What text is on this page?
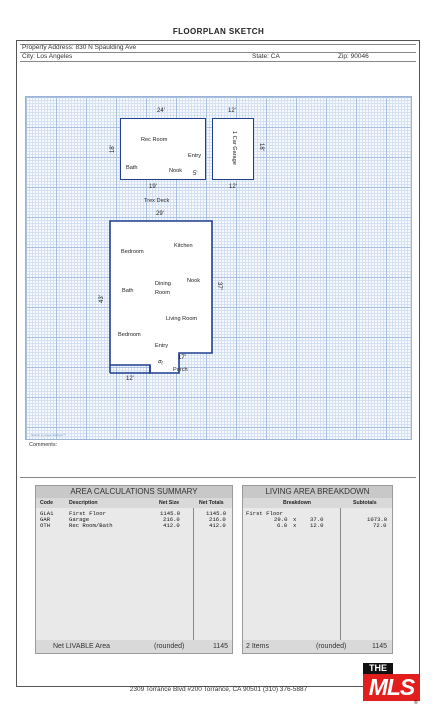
FLOORPLAN SKETCH
Property Address: 830 N Spaulding Ave
City: Los Angeles	State: CA	Zip: 90046
24'	12'
18'	18'
19'
5'
12'
Rec Room
Bath	Nook
Entry	1 Car Garage
Trex Deck
29'
43'
37'
17'
6'
12'
Bedroom
Kitchen
Bath
Dining
Room
Nook
Living Room
Bedroom
Entry
Porch
Sketch by Apex Medina™
Comments:
AREA CALCULATIONS SUMMARY
Code	Description	Net Size	Net Totals
GLA1	First Floor	1145.0	1145.0
GAR	Garage	216.0	216.0
OTH	Rec Room/Bath	412.0	412.0
Net LIVABLE Area	(rounded)	1145
LIVING AREA BREAKDOWN
Breakdown	Subtotals
First Floor
29.0 x 37.0	1073.0
6.0 x 12.0	72.0
2 Items	(rounded)	1145
2309 Torrance Blvd #200 Torrance, CA 90501 (310) 376-5887
THE
MLS
®
